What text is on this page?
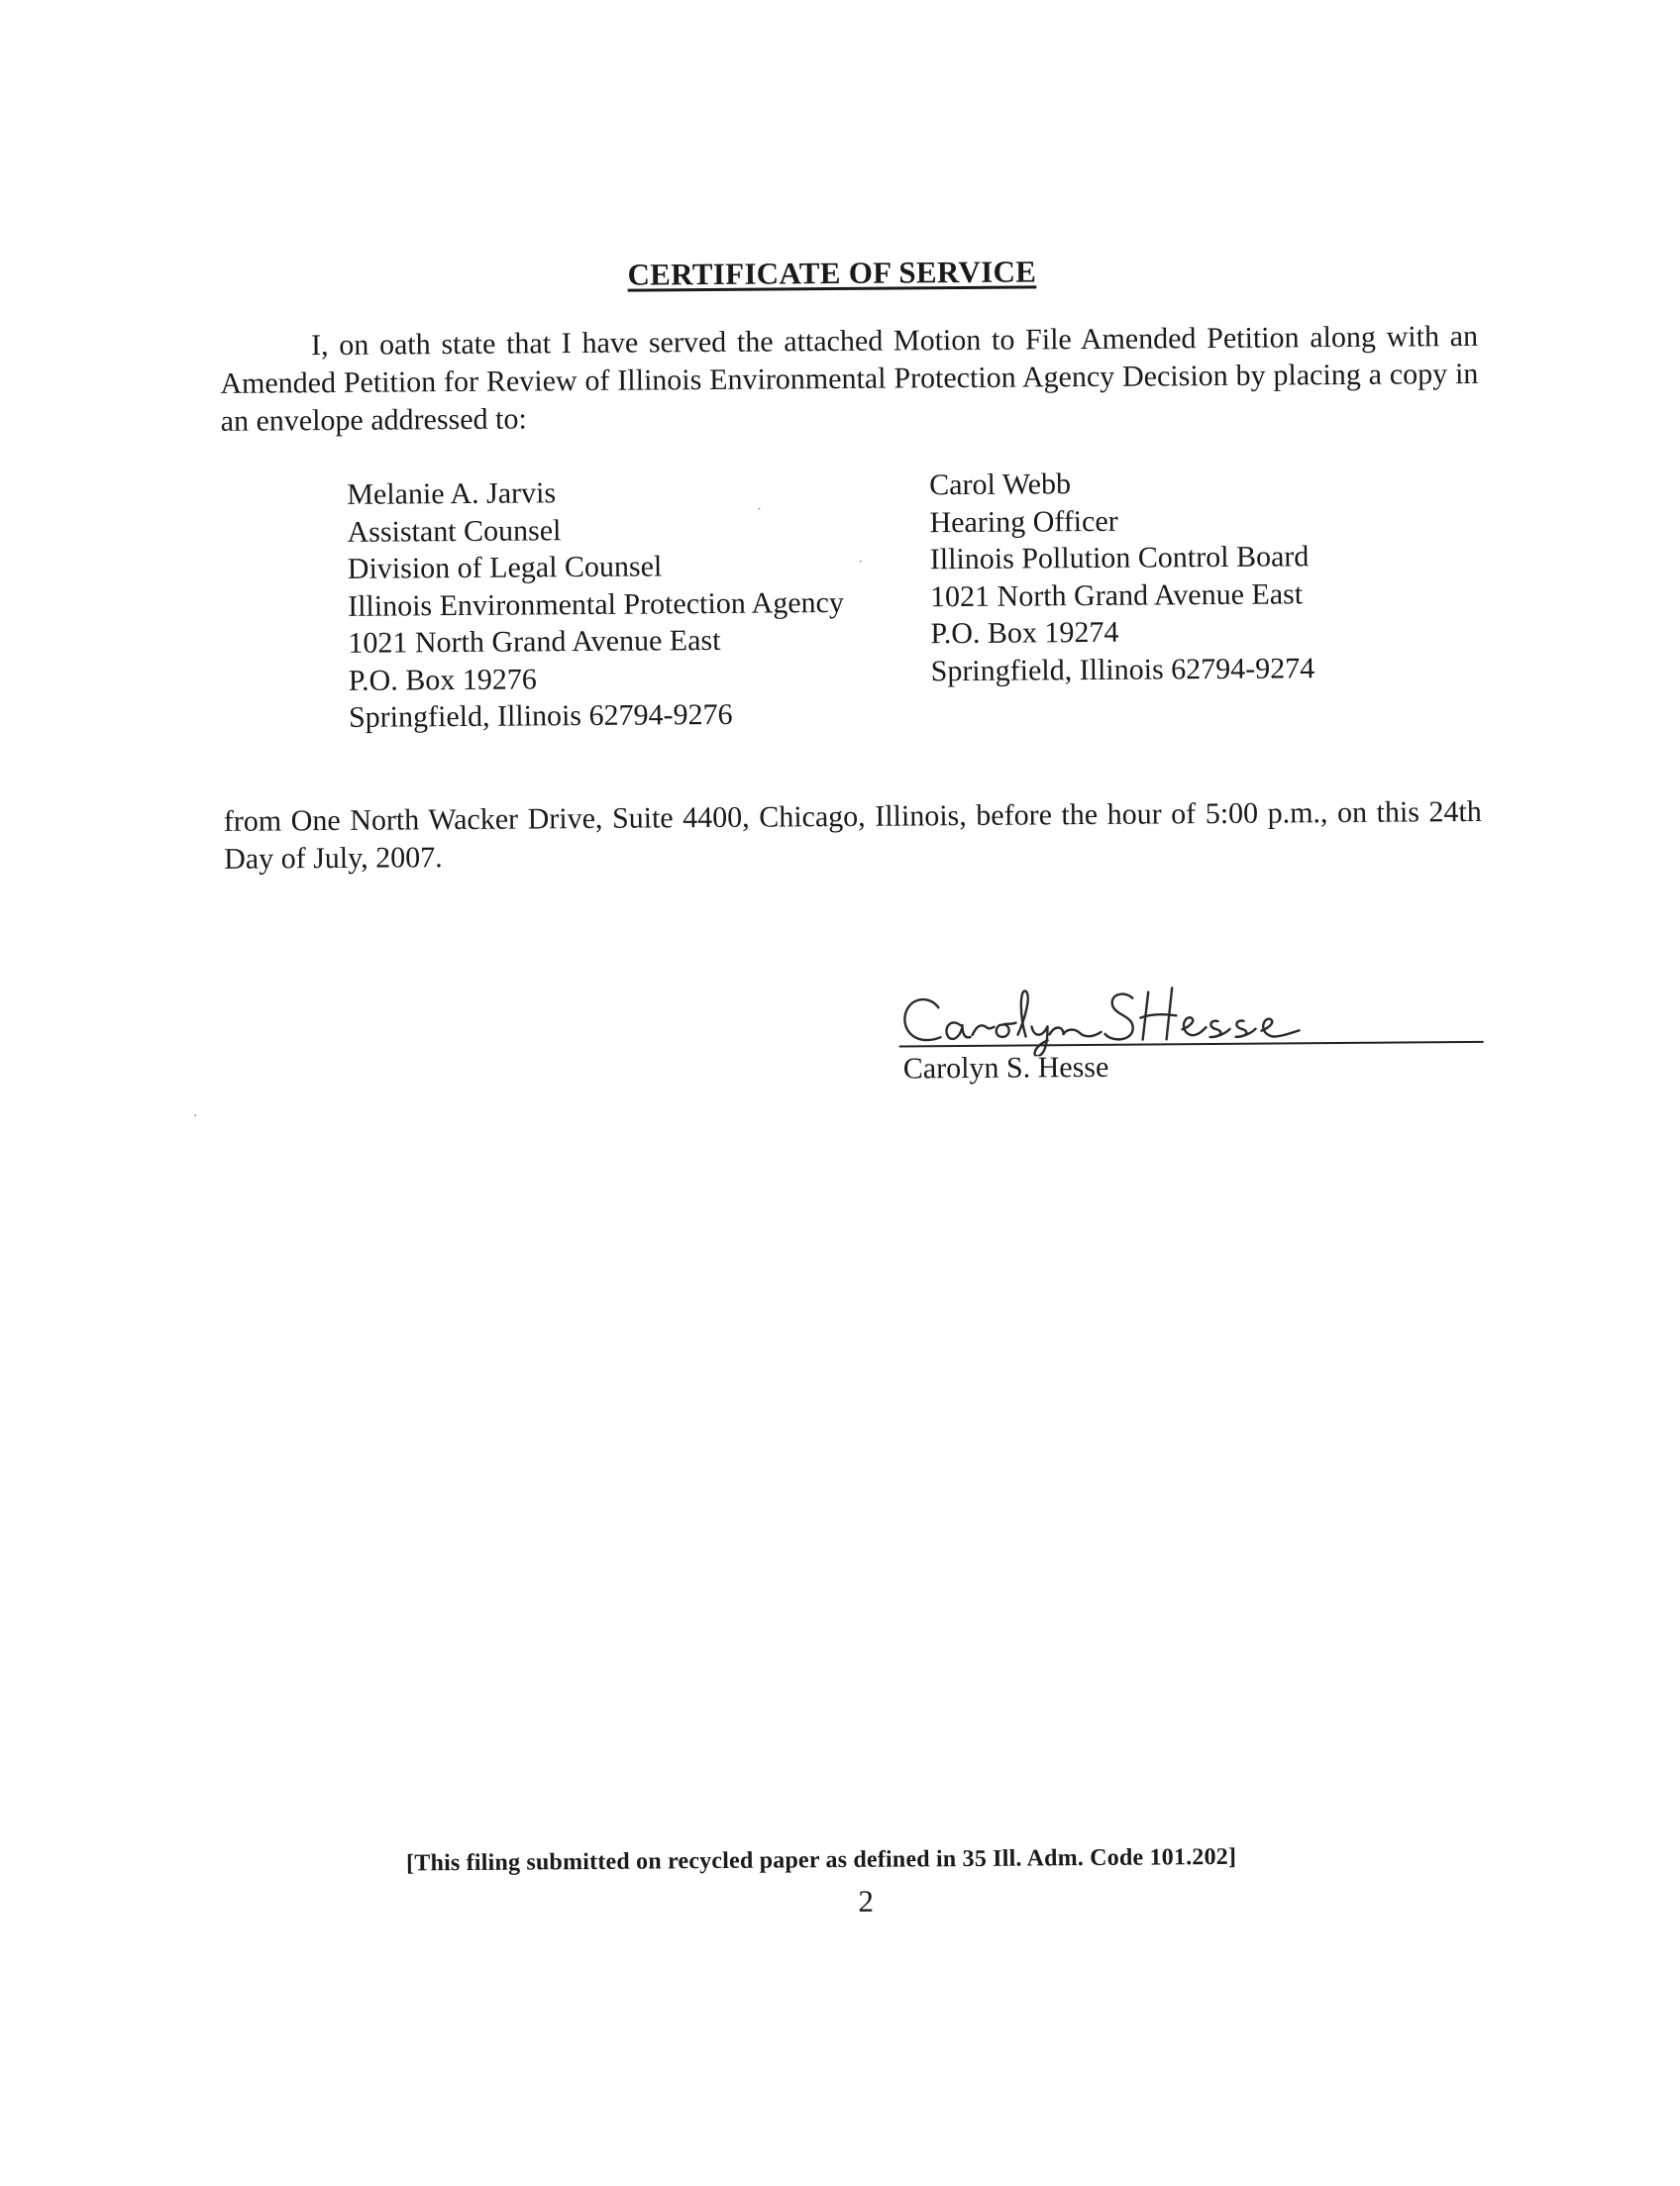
CERTIFICATE OF SERVICE
I, on oath state that I have served the attached Motion to File Amended Petition along with an Amended Petition for Review of Illinois Environmental Protection Agency Decision by placing a copy in an envelope addressed to:
Melanie A. Jarvis
Assistant Counsel
Division of Legal Counsel
Illinois Environmental Protection Agency
1021 North Grand Avenue East
P.O. Box 19276
Springfield, Illinois 62794-9276
Carol Webb
Hearing Officer
Illinois Pollution Control Board
1021 North Grand Avenue East
P.O. Box 19274
Springfield, Illinois 62794-9274
from One North Wacker Drive, Suite 4400, Chicago, Illinois, before the hour of 5:00 p.m., on this 24th Day of July, 2007.
Carolyn S. Hesse
[This filing submitted on recycled paper as defined in 35 Ill. Adm. Code 101.202]
2
